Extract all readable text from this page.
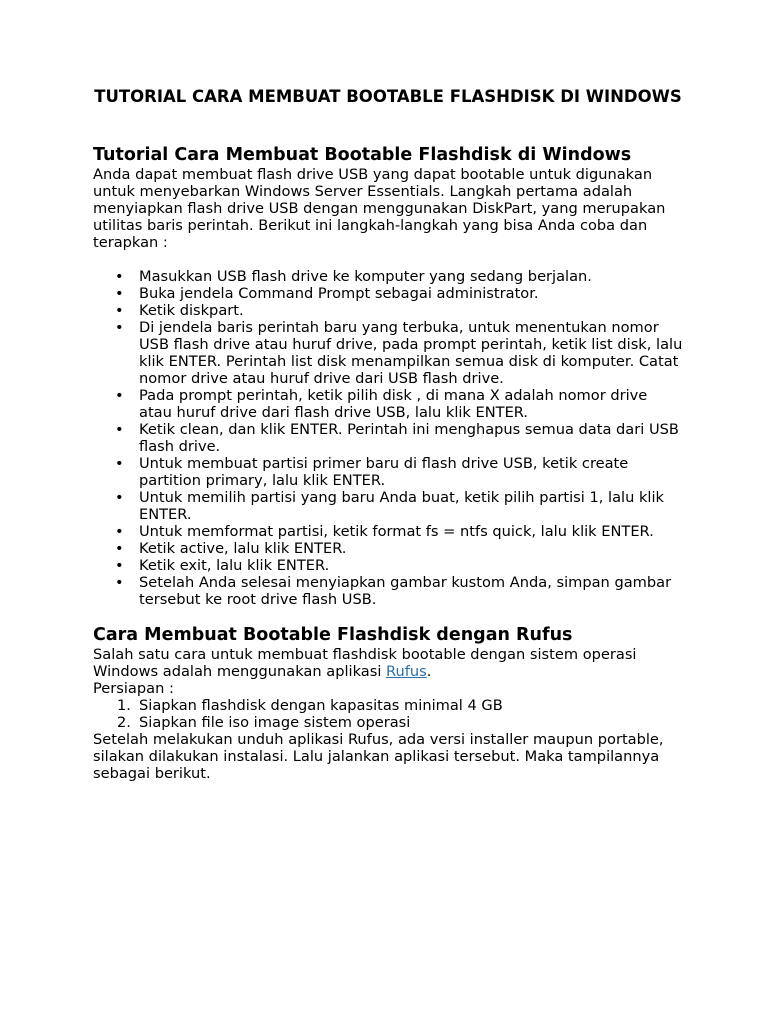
TUTORIAL CARA MEMBUAT BOOTABLE FLASHDISK DI WINDOWS
Tutorial Cara Membuat Bootable Flashdisk di Windows

Anda dapat membuat flash drive USB yang dapat bootable untuk digunakan untuk menyebarkan Windows Server Essentials. Langkah pertama adalah menyiapkan flash drive USB dengan menggunakan DiskPart, yang merupakan utilitas baris perintah. Berikut ini langkah-langkah yang bisa Anda coba dan terapkan :

• Masukkan USB flash drive ke komputer yang sedang berjalan.
• Buka jendela Command Prompt sebagai administrator.
• Ketik diskpart.
• Di jendela baris perintah baru yang terbuka, untuk menentukan nomor USB flash drive atau huruf drive, pada prompt perintah, ketik list disk, lalu klik ENTER. Perintah list disk menampilkan semua disk di komputer. Catat nomor drive atau huruf drive dari USB flash drive.
• Pada prompt perintah, ketik pilih disk , di mana X adalah nomor drive atau huruf drive dari flash drive USB, lalu klik ENTER.
• Ketik clean, dan klik ENTER. Perintah ini menghapus semua data dari USB flash drive.
• Untuk membuat partisi primer baru di flash drive USB, ketik create partition primary, lalu klik ENTER.
• Untuk memilih partisi yang baru Anda buat, ketik pilih partisi 1, lalu klik ENTER.
• Untuk memformat partisi, ketik format fs = ntfs quick, lalu klik ENTER.
• Ketik active, lalu klik ENTER.
• Ketik exit, lalu klik ENTER.
• Setelah Anda selesai menyiapkan gambar kustom Anda, simpan gambar tersebut ke root drive flash USB.
Cara Membuat Bootable Flashdisk dengan Rufus

Salah satu cara untuk membuat flashdisk bootable dengan sistem operasi Windows adalah menggunakan aplikasi Rufus.

Persiapan :

1. Siapkan flashdisk dengan kapasitas minimal 4 GB
2. Siapkan file iso image sistem operasi

Setelah melakukan unduh aplikasi Rufus, ada versi installer maupun portable, silakan dilakukan instalasi. Lalu jalankan aplikasi tersebut. Maka tampilannya sebagai berikut.
